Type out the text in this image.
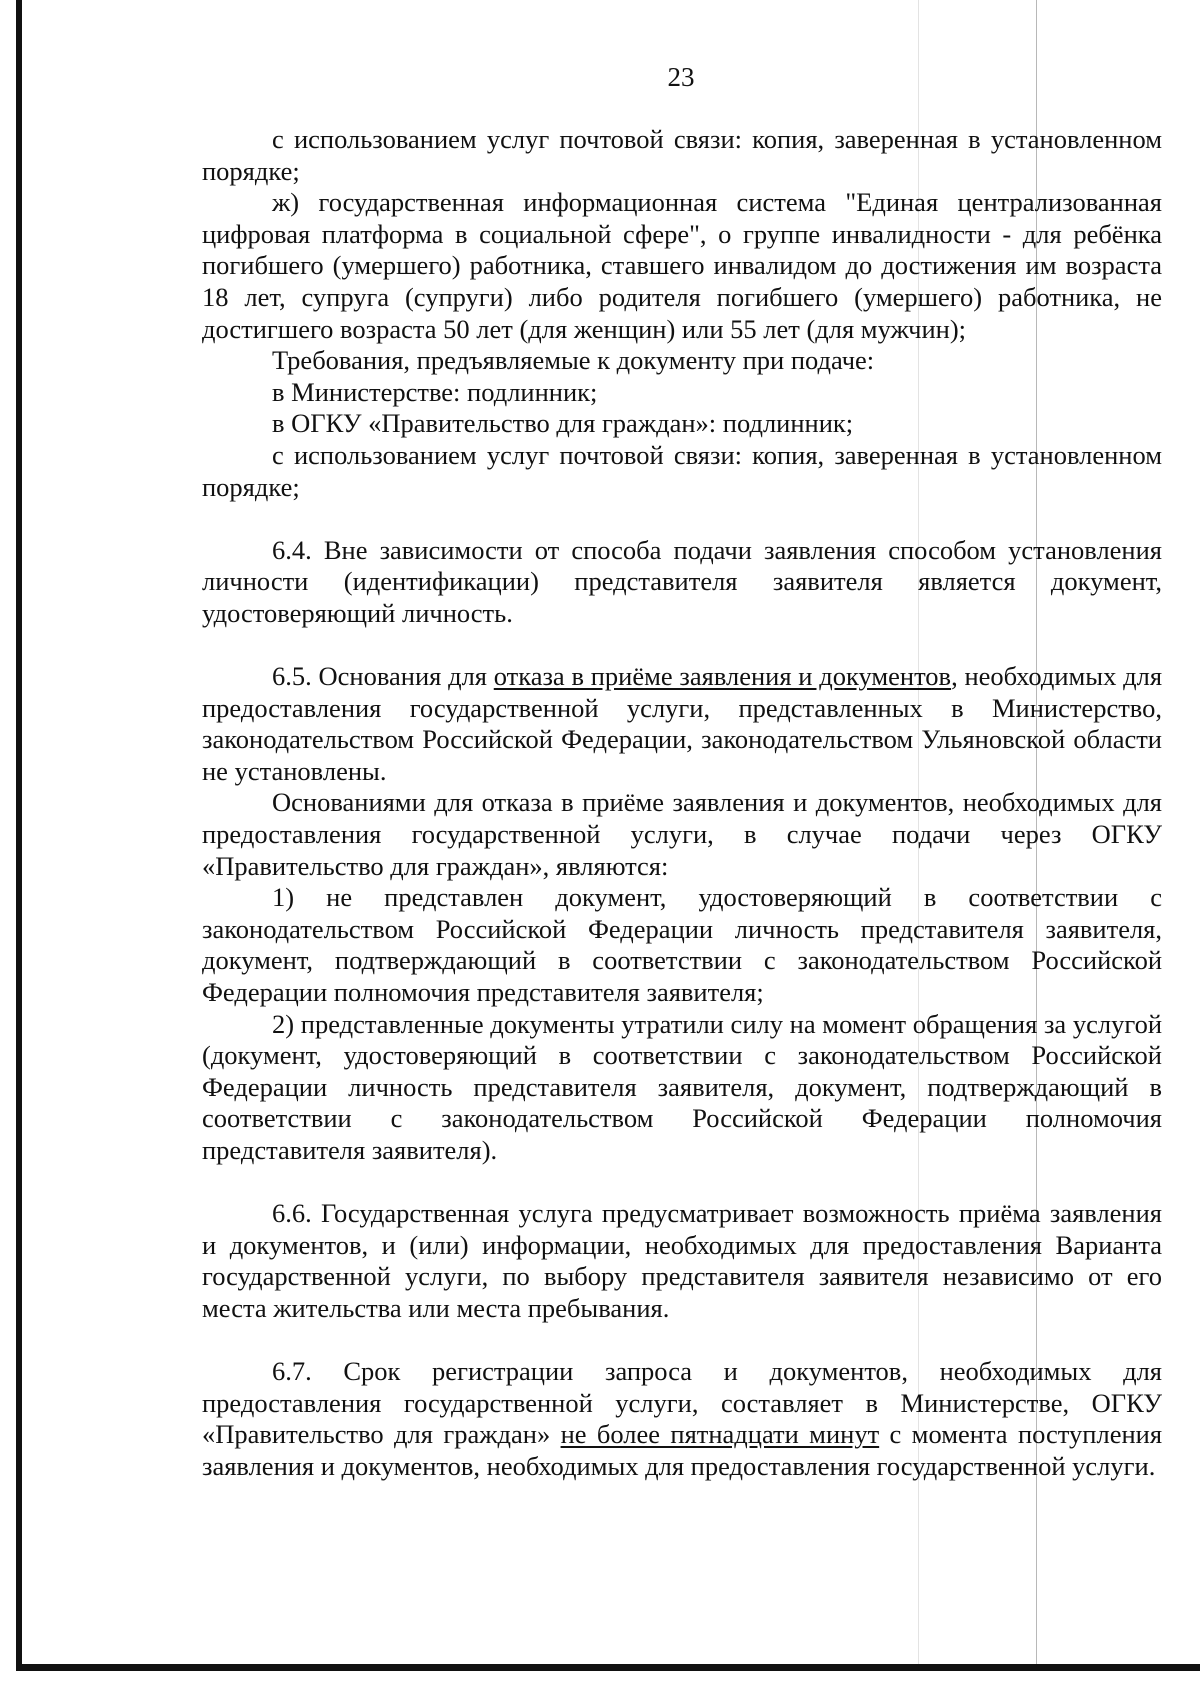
23

с использованием услуг почтовой связи: копия, заверенная в установленном порядке;

ж) государственная информационная система "Единая централизованная цифровая платформа в социальной сфере", о группе инвалидности - для ребёнка погибшего (умершего) работника, ставшего инвалидом до достижения им возраста 18 лет, супруга (супруги) либо родителя погибшего (умершего) работника, не достигшего возраста 50 лет (для женщин) или 55 лет (для мужчин);

Требования, предъявляемые к документу при подаче:

в Министерстве: подлинник;

в ОГКУ «Правительство для граждан»: подлинник;

с использованием услуг почтовой связи: копия, заверенная в установленном порядке;

6.4. Вне зависимости от способа подачи заявления способом установления личности (идентификации) представителя заявителя является документ, удостоверяющий личность.

6.5. Основания для отказа в приёме заявления и документов, необходимых для предоставления государственной услуги, представленных в Министерство, законодательством Российской Федерации, законодательством Ульяновской области не установлены.

Основаниями для отказа в приёме заявления и документов, необходимых для предоставления государственной услуги, в случае подачи через ОГКУ «Правительство для граждан», являются:

1) не представлен документ, удостоверяющий в соответствии с законодательством Российской Федерации личность представителя заявителя, документ, подтверждающий в соответствии с законодательством Российской Федерации полномочия представителя заявителя;

2) представленные документы утратили силу на момент обращения за услугой (документ, удостоверяющий в соответствии с законодательством Российской Федерации личность представителя заявителя, документ, подтверждающий в соответствии с законодательством Российской Федерации полномочия представителя заявителя).

6.6. Государственная услуга предусматривает возможность приёма заявления и документов, и (или) информации, необходимых для предоставления Варианта государственной услуги, по выбору представителя заявителя независимо от его места жительства или места пребывания.

6.7. Срок регистрации запроса и документов, необходимых для предоставления государственной услуги, составляет в Министерстве, ОГКУ «Правительство для граждан» не более пятнадцати минут с момента поступления заявления и документов, необходимых для предоставления государственной услуги.
